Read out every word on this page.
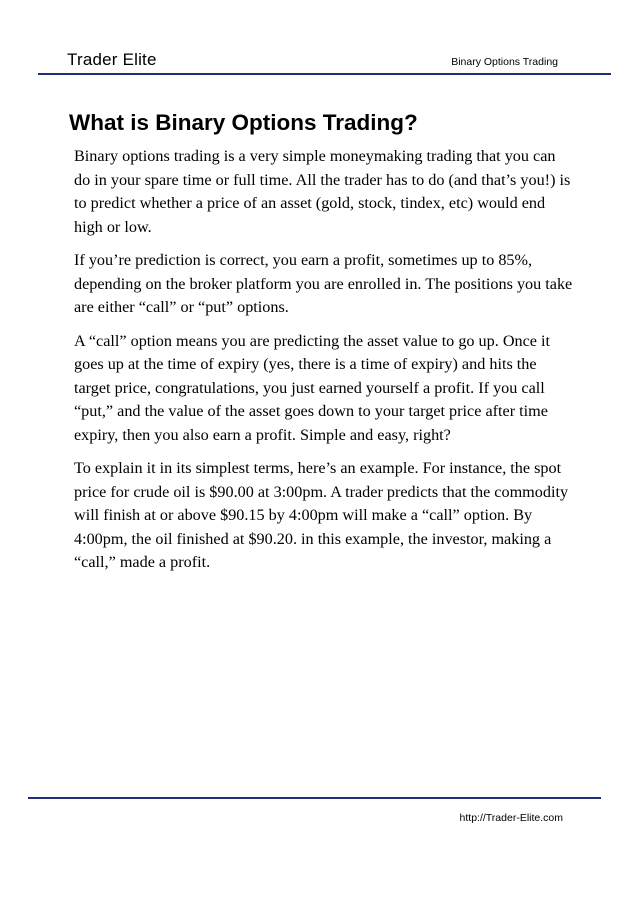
Trader Elite	Binary Options Trading
What is Binary Options Trading?

Binary options trading is a very simple moneymaking trading that you can do in your spare time or full time. All the trader has to do (and that’s you!) is to predict whether a price of an asset (gold, stock, tindex, etc) would end high or low.

If you’re prediction is correct, you earn a profit, sometimes up to 85%, depending on the broker platform you are enrolled in. The positions you take are either “call” or “put” options.

A “call” option means you are predicting the asset value to go up. Once it goes up at the time of expiry (yes, there is a time of expiry) and hits the target price, congratulations, you just earned yourself a profit. If you call “put,” and the value of the asset goes down to your target price after time expiry, then you also earn a profit. Simple and easy, right?

To explain it in its simplest terms, here’s an example. For instance, the spot price for crude oil is $90.00 at 3:00pm. A trader predicts that the commodity will finish at or above $90.15 by 4:00pm will make a “call” option. By 4:00pm, the oil finished at $90.20. in this example, the investor, making a “call,” made a profit.

http://Trader-Elite.com
